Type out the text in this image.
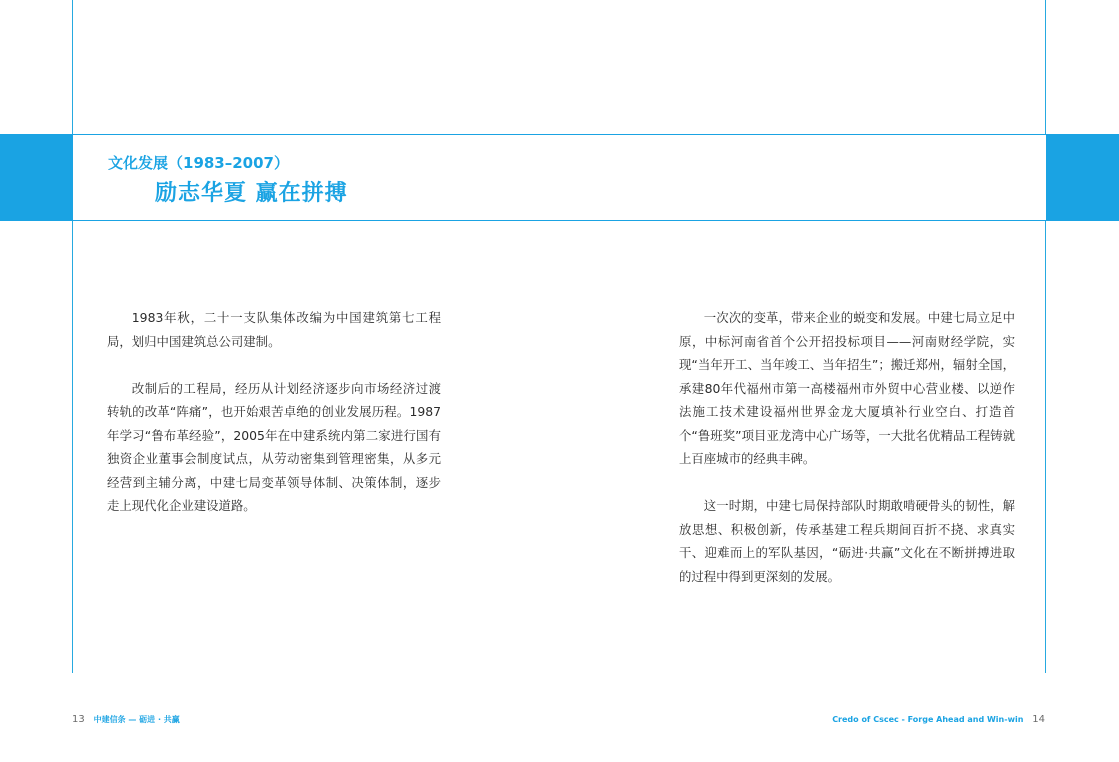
文化发展（1983–2007）
励志华夏 赢在拼搏

1983年秋，二十一支队集体改编为中国建筑第七工程局，划归中国建筑总公司建制。

改制后的工程局，经历从计划经济逐步向市场经济过渡转轨的改革“阵痛”，也开始艰苦卓绝的创业发展历程。1987年学习“鲁布革经验”，2005年在中建系统内第二家进行国有独资企业董事会制度试点，从劳动密集到管理密集，从多元经营到主辅分离，中建七局变革领导体制、决策体制，逐步走上现代化企业建设道路。

一次次的变革，带来企业的蜕变和发展。中建七局立足中原，中标河南省首个公开招投标项目——河南财经学院，实现“当年开工、当年竣工、当年招生”；搬迁郑州，辐射全国，承建80年代福州市第一高楼福州市外贸中心营业楼、以逆作法施工技术建设福州世界金龙大厦填补行业空白、打造首个“鲁班奖”项目亚龙湾中心广场等，一大批名优精品工程铸就上百座城市的经典丰碑。

这一时期，中建七局保持部队时期敢啃硬骨头的韧性，解放思想、积极创新，传承基建工程兵期间百折不挠、求真实干、迎难而上的军队基因，“砺进·共赢”文化在不断拼搏进取的过程中得到更深刻的发展。

13 中建信条 — 砺进 · 共赢	Credo of Cscec - Forge Ahead and Win-win 14
